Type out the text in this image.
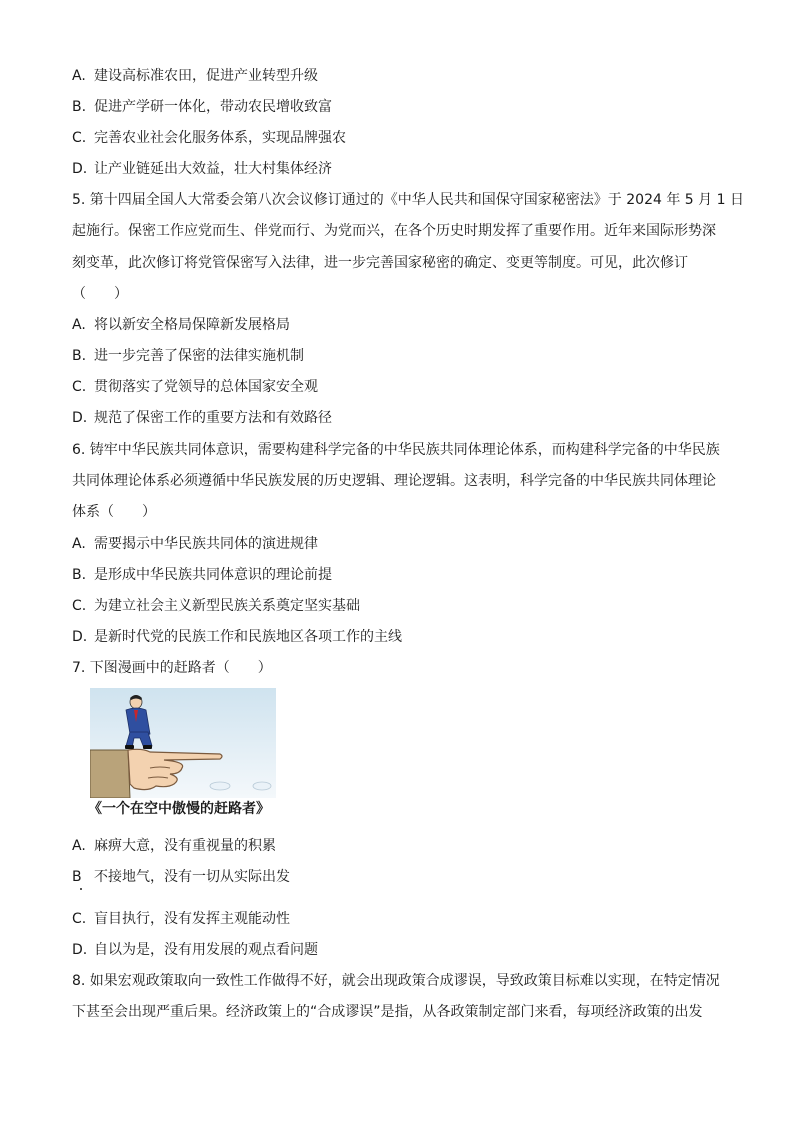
A. 建设高标准农田，促进产业转型升级
B. 促进产学研一体化，带动农民增收致富
C. 完善农业社会化服务体系，实现品牌强农
D. 让产业链延出大效益，壮大村集体经济
5. 第十四届全国人大常委会第八次会议修订通过的《中华人民共和国保守国家秘密法》于 2024 年 5 月 1 日
起施行。保密工作应党而生、伴党而行、为党而兴，在各个历史时期发挥了重要作用。近年来国际形势深
刻变革，此次修订将党管保密写入法律，进一步完善国家秘密的确定、变更等制度。可见，此次修订
（　　）
A. 将以新安全格局保障新发展格局
B. 进一步完善了保密的法律实施机制
C. 贯彻落实了党领导的总体国家安全观
D. 规范了保密工作的重要方法和有效路径
6. 铸牢中华民族共同体意识，需要构建科学完备的中华民族共同体理论体系，而构建科学完备的中华民族
共同体理论体系必须遵循中华民族发展的历史逻辑、理论逻辑。这表明，科学完备的中华民族共同体理论
体系（　　）
A. 需要揭示中华民族共同体的演进规律
B. 是形成中华民族共同体意识的理论前提
C. 为建立社会主义新型民族关系奠定坚实基础
D. 是新时代党的民族工作和民族地区各项工作的主线
7. 下图漫画中的赶路者（　　）
《一个在空中傲慢的赶路者》
A. 麻痹大意，没有重视量的积累
B 不接地气，没有一切从实际出发
C. 盲目执行，没有发挥主观能动性
D. 自以为是，没有用发展的观点看问题
8. 如果宏观政策取向一致性工作做得不好，就会出现政策合成谬误，导致政策目标难以实现，在特定情况
下甚至会出现严重后果。经济政策上的“合成谬误”是指，从各政策制定部门来看，每项经济政策的出发
